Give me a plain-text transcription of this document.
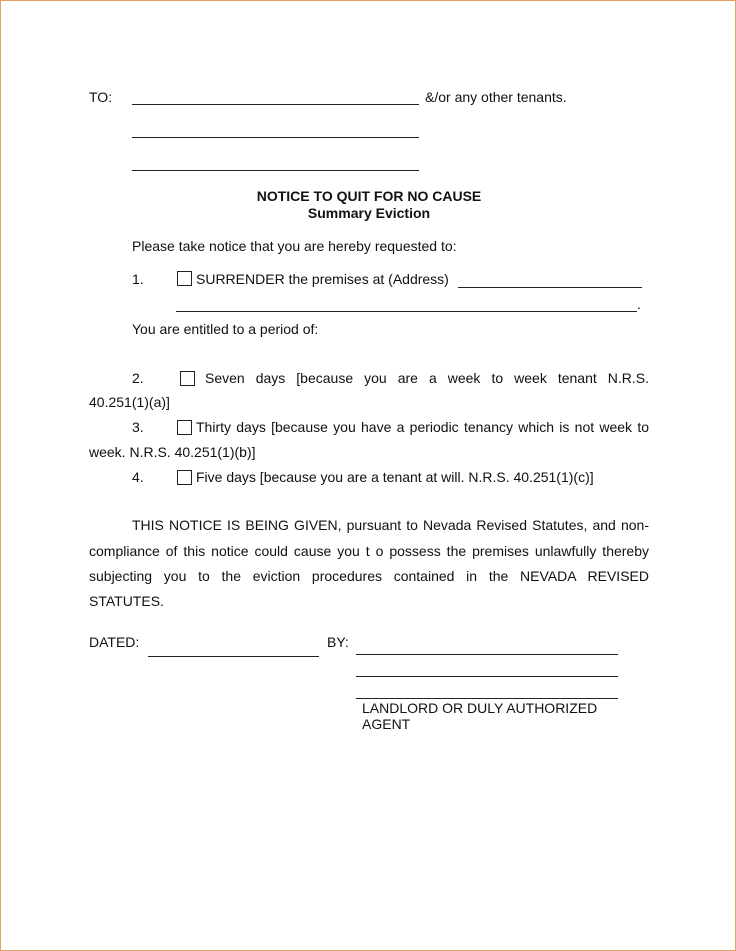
TO:	&/or any other tenants.
NOTICE TO QUIT FOR NO CAUSE
Summary Eviction
Please take notice that you are hereby requested to:
1.	SURRENDER the premises at (Address)
.
You are entitled to a period of:
2.	Seven days [because you are a week to week tenant N.R.S.
40.251(1)(a)]
3.	Thirty days [because you have a periodic tenancy which is not week to
week. N.R.S. 40.251(1)(b)]
4.	Five days [because you are a tenant at will. N.R.S. 40.251(1)(c)]
THIS NOTICE IS BEING GIVEN, pursuant to Nevada Revised Statutes, and non-
compliance of this notice could cause you t o possess the premises unlawfully thereby
subjecting you to the eviction procedures contained in the NEVADA REVISED
STATUTES.
DATED:	BY:
LANDLORD OR DULY AUTHORIZED
AGENT
